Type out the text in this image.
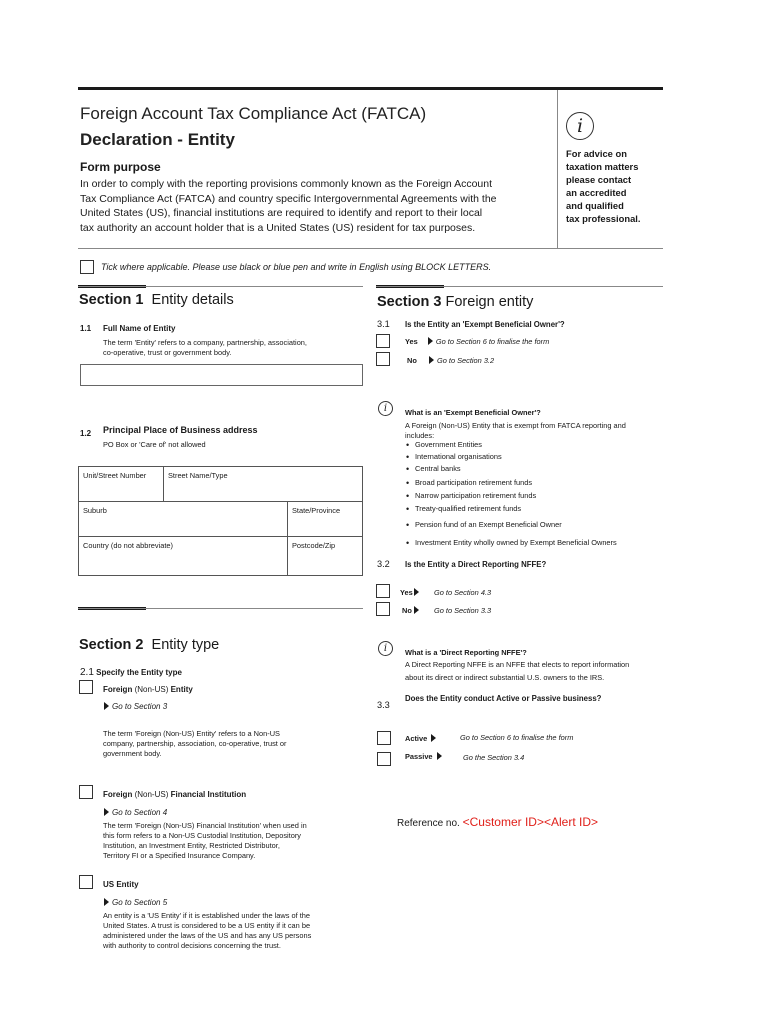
Foreign Account Tax Compliance Act (FATCA)
Declaration - Entity
Form purpose
In order to comply with the reporting provisions commonly known as the Foreign Account
Tax Compliance Act (FATCA) and country specific Intergovernmental Agreements with the
United States (US), financial institutions are required to identify and report to their local
tax authority an account holder that is a United States (US) resident for tax purposes.
i
For advice on
taxation matters
please contact
an accredited
and qualified
tax professional.
Tick where applicable. Please use black or blue pen and write in English using BLOCK LETTERS.
Section 1 Entity details
1.1 Full Name of Entity
The term 'Entity' refers to a company, partnership, association,
co-operative, trust or government body.
1.2 Principal Place of Business address
PO Box or 'Care of' not allowed
Unit/Street Number	Street Name/Type
Suburb	State/Province
Country (do not abbreviate)	Postcode/Zip
Section 2 Entity type
2.1 Specify the Entity type
Foreign (Non-US) Entity
Go to Section 3
The term 'Foreign (Non-US) Entity' refers to a Non-US
company, partnership, association, co-operative, trust or
government body.
Foreign (Non-US) Financial Institution
Go to Section 4
The term 'Foreign (Non-US) Financial Institution' when used in
this form refers to a Non-US Custodial Institution, Depository
Institution, an Investment Entity, Restricted Distributor,
Territory FI or a Specified Insurance Company.
US Entity
Go to Section 5
An entity is a 'US Entity' if it is established under the laws of the
United States. A trust is considered to be a US entity if it can be
administered under the laws of the US and has any US persons
with authority to control decisions concerning the trust.
Section 3 Foreign entity
3.1 Is the Entity an 'Exempt Beneficial Owner'?
Yes Go to Section 6 to finalise the form
No	Go to Section 3.2
i	What is an 'Exempt Beneficial Owner'?
A Foreign (Non-US) Entity that is exempt from FATCA reporting and
includes:
• Government Entities
• International organisations
• Central banks
• Broad participation retirement funds
• Narrow participation retirement funds
• Treaty-qualified retirement funds
• Pension fund of an Exempt Beneficial Owner
• Investment Entity wholly owned by Exempt Beneficial Owners
3.2 Is the Entity a Direct Reporting NFFE?
Yes	Go to Section 4.3
No	Go to Section 3.3
i	What is a 'Direct Reporting NFFE'?
A Direct Reporting NFFE is an NFFE that elects to report information
about its direct or indirect substantial U.S. owners to the IRS.
3.3
Does the Entity conduct Active or Passive business?
Active	Go to Section 6 to finalise the form
Passive	Go the Section 3.4
Reference no. <Customer ID><Alert ID>
